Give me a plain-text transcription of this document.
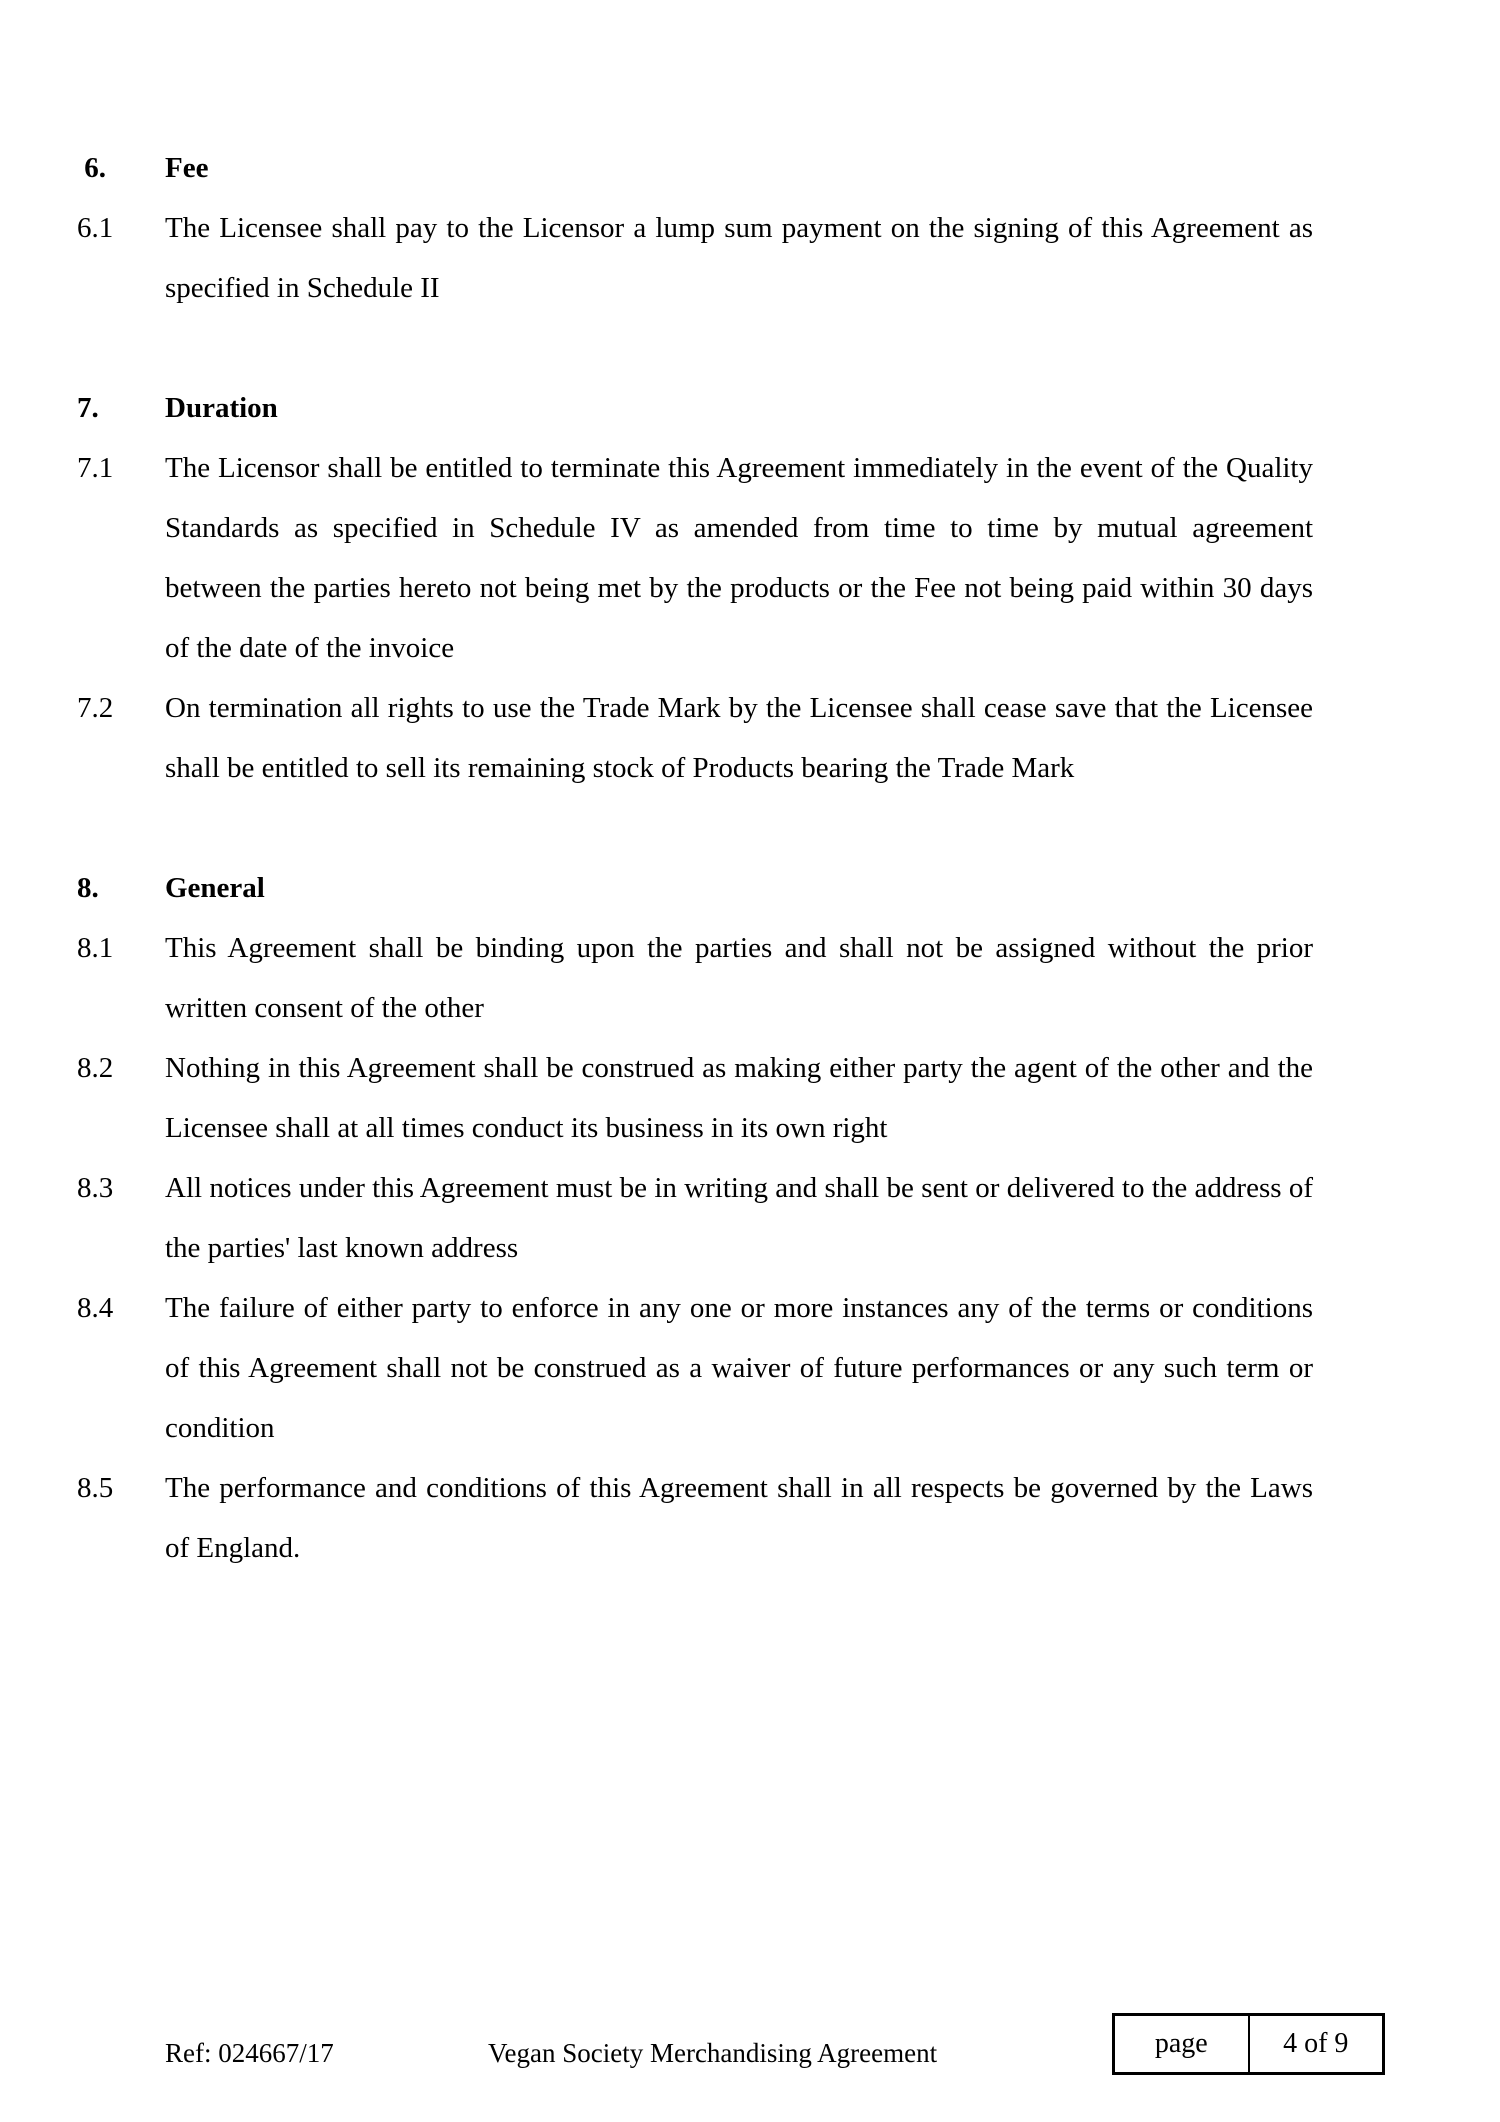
6.	Fee
6.1	The Licensee shall pay to the Licensor a lump sum payment on the signing of this Agreement as specified in Schedule II

7.	Duration
7.1	The Licensor shall be entitled to terminate this Agreement immediately in the event of the Quality Standards as specified in Schedule IV as amended from time to time by mutual agreement between the parties hereto not being met by the products or the Fee not being paid within 30 days of the date of the invoice

7.2	On termination all rights to use the Trade Mark by the Licensee shall cease save that the Licensee shall be entitled to sell its remaining stock of Products bearing the Trade Mark

8.	General
8.1	This Agreement shall be binding upon the parties and shall not be assigned without the prior written consent of the other

8.2	Nothing in this Agreement shall be construed as making either party the agent of the other and the Licensee shall at all times conduct its business in its own right

8.3	All notices under this Agreement must be in writing and shall be sent or delivered to the address of the parties' last known address

8.4	The failure of either party to enforce in any one or more instances any of the terms or conditions of this Agreement shall not be construed as a waiver of future performances or any such term or condition

8.5	The performance and conditions of this Agreement shall in all respects be governed by the Laws of England.

Ref: 024667/17	Vegan Society Merchandising Agreement	page	4 of 9
